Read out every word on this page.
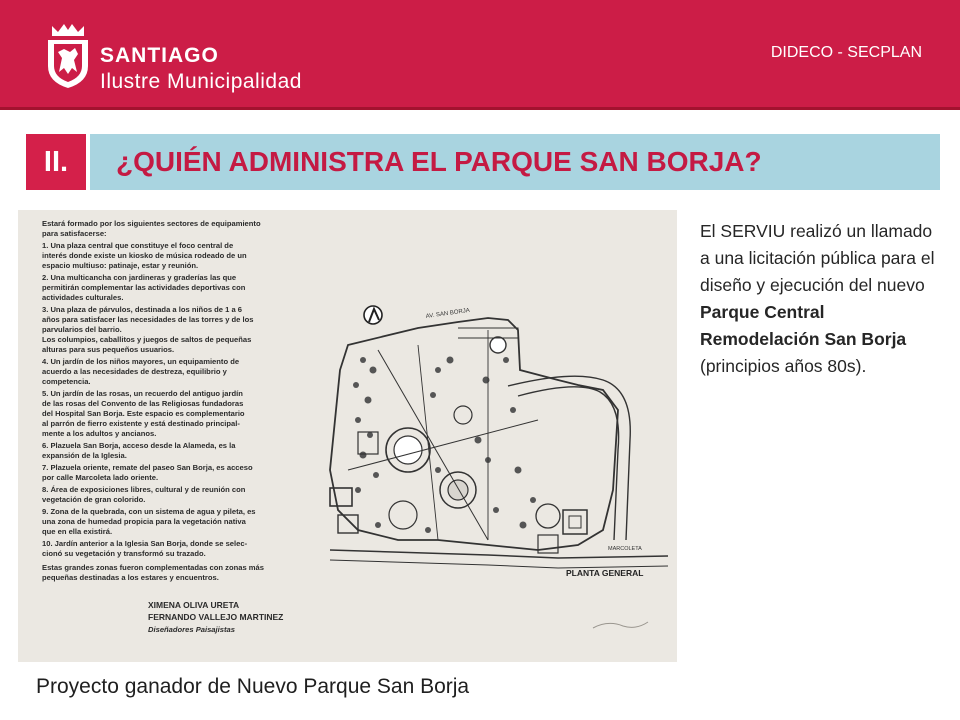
SANTIAGO
Ilustre Municipalidad
DIDECO - SECPLAN
II.	¿QUIÉN ADMINISTRA EL PARQUE SAN BORJA?
Estará formado por los siguientes sectores de equipamiento
para satisfacerse:
1. Una plaza central que constituye el foco central de
interés donde existe un kiosko de música rodeado de un
espacio multiuso: patinaje, estar y reunión.
2. Una multicancha con jardineras y graderías las que
permitirán complementar las actividades deportivas con
actividades culturales.
3. Una plaza de párvulos, destinada a los niños de 1 a 6
años para satisfacer las necesidades de las torres y de los
parvularios del barrio.
Los columpios, caballitos y juegos de saltos de pequeñas
alturas para sus pequeños usuarios.
4. Un jardín de los niños mayores, un equipamiento de
acuerdo a las necesidades de destreza, equilibrio y
competencia.
5. Un jardín de las rosas, un recuerdo del antiguo jardín
de las rosas del Convento de las Religiosas fundadoras
del Hospital San Borja. Este espacio es complementario
al parrón de fierro existente y está destinado principal-
mente a los adultos y ancianos.
6. Plazuela San Borja, acceso desde la Alameda, es la
expansión de la Iglesia.
7. Plazuela oriente, remate del paseo San Borja, es acceso
por calle Marcoleta lado oriente.
8. Área de exposiciones libres, cultural y de reunión con
vegetación de gran colorido.
9. Zona de la quebrada, con un sistema de agua y pileta, es
una zona de humedad propicia para la vegetación nativa
que en ella existirá.
10. Jardín anterior a la Iglesia San Borja, donde se selec-
cionó su vegetación y transformó su trazado.
Estas grandes zonas fueron complementadas con zonas más
pequeñas destinadas a los estares y encuentros.
XIMENA OLIVA URETA
FERNANDO VALLEJO MARTINEZ
Diseñadores Paisajistas
AV. SAN BORJA
MARCOLETA
PLANTA GENERAL
El SERVIU realizó un llamado a una licitación pública para el diseño y ejecución del nuevo Parque Central Remodelación San Borja (principios años 80s).
Proyecto ganador de Nuevo Parque San Borja
